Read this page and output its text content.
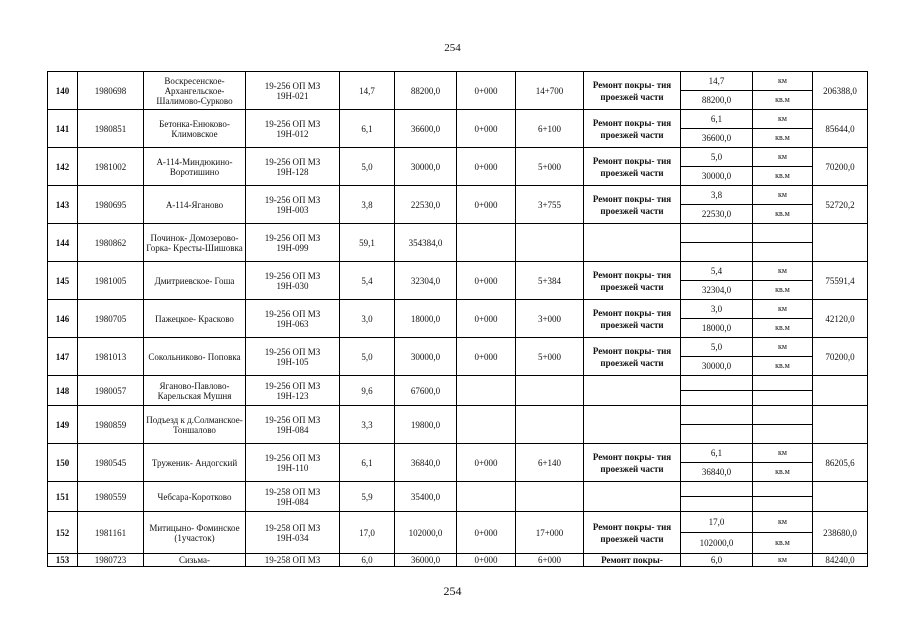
254
140	1980698	Воскресенское- Архангельское- Шалимово-Сурково	19-256 ОП МЗ 19Н-021	14,7	88200,0	0+000	14+700	Ремонт покры- тия проезжей части	14,7	км	206388,0
									88200,0	кв.м	
141	1980851	Бетонка-Енюково- Климовское	19-256 ОП МЗ 19Н-012	6,1	36600,0	0+000	6+100	Ремонт покры- тия проезжей части	6,1	км	85644,0
									36600,0	кв.м	
142	1981002	А-114-Миндюкино- Воротишино	19-256 ОП МЗ 19Н-128	5,0	30000,0	0+000	5+000	Ремонт покры- тия проезжей части	5,0	км	70200,0
									30000,0	кв.м	
143	1980695	А-114-Яганово	19-256 ОП МЗ 19Н-003	3,8	22530,0	0+000	3+755	Ремонт покры- тия проезжей части	3,8	км	52720,2
									22530,0	кв.м	
144	1980862	Починок- Домозерово-Горка- Кресты-Шишовка	19-256 ОП МЗ 19Н-099	59,1	354384,0						

145	1981005	Дмитриевское- Гоша	19-256 ОП МЗ 19Н-030	5,4	32304,0	0+000	5+384	Ремонт покры- тия проезжей части	5,4	км	75591,4
									32304,0	кв.м	
146	1980705	Пажецкое- Красково	19-256 ОП МЗ 19Н-063	3,0	18000,0	0+000	3+000	Ремонт покры- тия проезжей части	3,0	км	42120,0
									18000,0	кв.м	
147	1981013	Сокольниково- Поповка	19-256 ОП МЗ 19Н-105	5,0	30000,0	0+000	5+000	Ремонт покры- тия проезжей части	5,0	км	70200,0
									30000,0	кв.м	
148	1980057	Яганово-Павлово- Карельская Мушня	19-256 ОП МЗ 19Н-123	9,6	67600,0						

149	1980859	Подъезд к д.Солманское- Тоншалово	19-256 ОП МЗ 19Н-084	3,3	19800,0						

150	1980545	Труженик- Андогский	19-256 ОП МЗ 19Н-110	6,1	36840,0	0+000	6+140	Ремонт покры- тия проезжей части	6,1	км	86205,6
									36840,0	кв.м	
151	1980559	Чебсара-Коротково	19-258 ОП МЗ 19Н-084	5,9	35400,0						

152	1981161	Митицыно- Фоминское (1участок)	19-258 ОП МЗ 19Н-034	17,0	102000,0	0+000	17+000	Ремонт покры- тия проезжей части	17,0	км	238680,0
									102000,0	кв.м	
153	1980723	Сизьма-	19-258 ОП МЗ	6,0	36000,0	0+000	6+000	Ремонт покры-	6,0	км	84240,0
254
